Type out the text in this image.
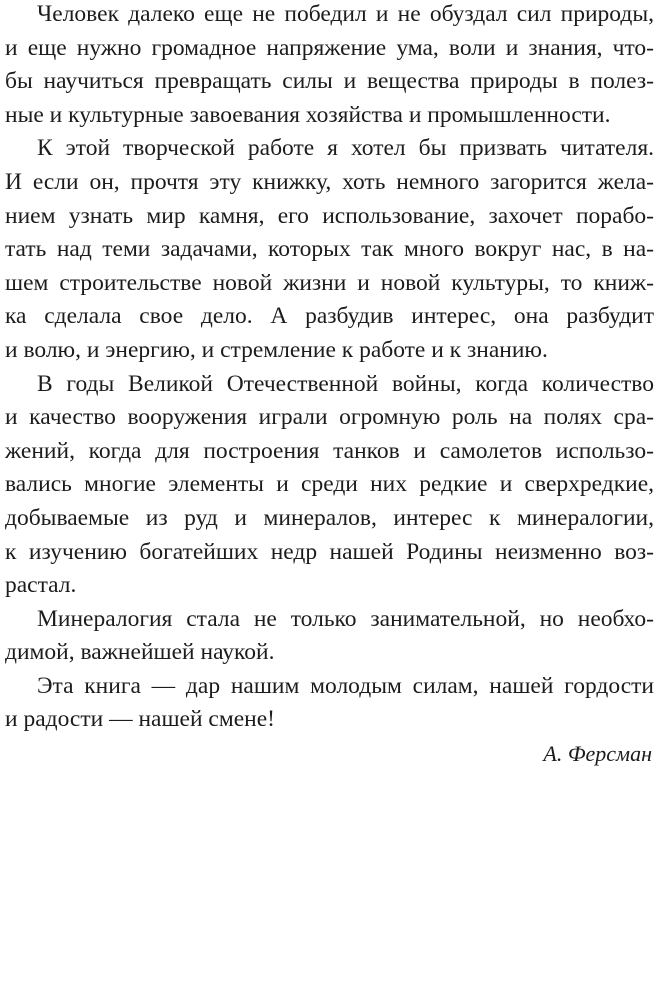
Человек далеко еще не победил и не обуздал сил природы,
и еще нужно громадное напряжение ума, воли и знания, что-
бы научиться превращать силы и вещества природы в полез-
ные и культурные завоевания хозяйства и промышленности.
К этой творческой работе я хотел бы призвать читателя.
И если он, прочтя эту книжку, хоть немного загорится жела-
нием узнать мир камня, его использование, захочет порабо-
тать над теми задачами, которых так много вокруг нас, в на-
шем строительстве новой жизни и новой культуры, то книж-
ка сделала свое дело. А разбудив интерес, она разбудит
и волю, и энергию, и стремление к работе и к знанию.
В годы Великой Отечественной войны, когда количество
и качество вооружения играли огромную роль на полях сра-
жений, когда для построения танков и самолетов использо-
вались многие элементы и среди них редкие и сверхредкие,
добываемые из руд и минералов, интерес к минералогии,
к изучению богатейших недр нашей Родины неизменно воз-
растал.
Минералогия стала не только занимательной, но необхо-
димой, важнейшей наукой.
Эта книга — дар нашим молодым силам, нашей гордости
и радости — нашей смене!
А. Ферсман
